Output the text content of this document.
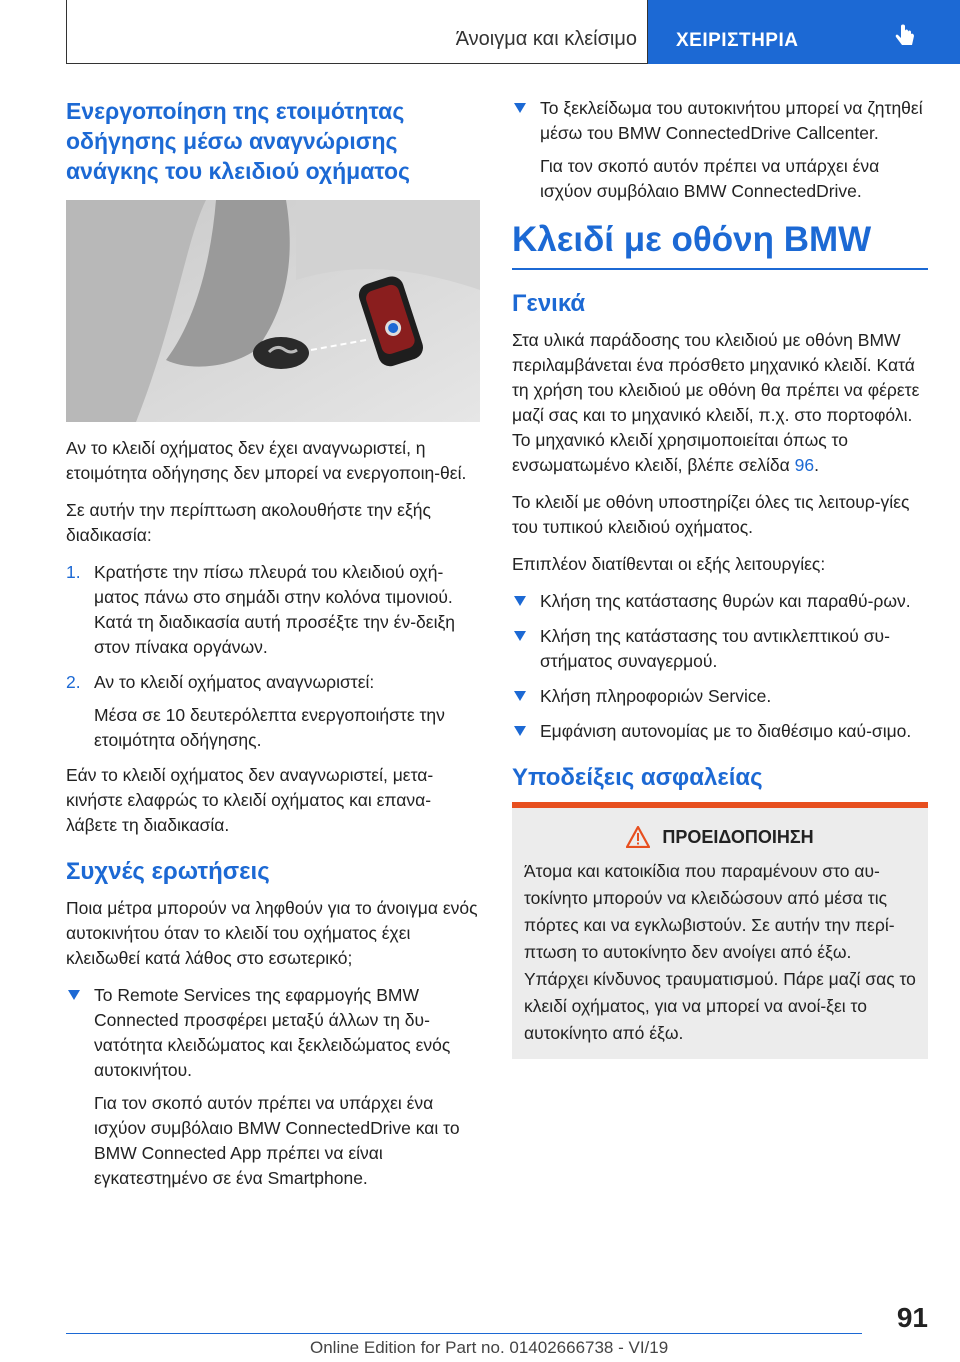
Άνοιγμα και κλείσιμο ΧΕΙΡΙΣΤΗΡΙΑ
Ενεργοποίηση της ετοιμότητας οδήγησης μέσω αναγνώρισης ανάγκης του κλειδιού οχήματος

Αν το κλειδί οχήματος δεν έχει αναγνωριστεί, η ετοιμότητα οδήγησης δεν μπορεί να ενεργοποιη-θεί.

Σε αυτήν την περίπτωση ακολουθήστε την εξής διαδικασία:

1. Κρατήστε την πίσω πλευρά του κλειδιού οχή-ματος πάνω στο σημάδι στην κολόνα τιμονιού. Κατά τη διαδικασία αυτή προσέξτε την έν-δειξη στον πίνακα οργάνων.

2. Αν το κλειδί οχήματος αναγνωριστεί:

Μέσα σε 10 δευτερόλεπτα ενεργοποιήστε την ετοιμότητα οδήγησης.

Εάν το κλειδί οχήματος δεν αναγνωριστεί, μετα-κινήστε ελαφρώς το κλειδί οχήματος και επανα-λάβετε τη διαδικασία.

Συχνές ερωτήσεις

Ποια μέτρα μπορούν να ληφθούν για το άνοιγμα ενός αυτοκινήτου όταν το κλειδί του οχήματος έχει κλειδωθεί κατά λάθος στο εσωτερικό;

Το Remote Services της εφαρμογής BMW Connected προσφέρει μεταξύ άλλων τη δυ-νατότητα κλειδώματος και ξεκλειδώματος ενός αυτοκινήτου.

Για τον σκοπό αυτόν πρέπει να υπάρχει ένα ισχύον συμβόλαιο BMW ConnectedDrive και το BMW Connected App πρέπει να είναι εγκατεστημένο σε ένα Smartphone.

Το ξεκλείδωμα του αυτοκινήτου μπορεί να ζητηθεί μέσω του BMW ConnectedDrive Callcenter.

Για τον σκοπό αυτόν πρέπει να υπάρχει ένα ισχύον συμβόλαιο BMW ConnectedDrive.

Κλειδί με οθόνη BMW
Γενικά

Στα υλικά παράδοσης του κλειδιού με οθόνη BMW περιλαμβάνεται ένα πρόσθετο μηχανικό κλειδί. Κατά τη χρήση του κλειδιού με οθόνη θα πρέπει να φέρετε μαζί σας και το μηχανικό κλειδί, π.χ. στο πορτοφόλι. Το μηχανικό κλειδί χρησιμοποιείται όπως το ενσωματωμένο κλειδί, βλέπε σελίδα 96.

Το κλειδί με οθόνη υποστηρίζει όλες τις λειτουρ-γίες του τυπικού κλειδιού οχήματος.

Επιπλέον διατίθενται οι εξής λειτουργίες:

Κλήση της κατάστασης θυρών και παραθύ-ρων.

Κλήση της κατάστασης του αντικλεπτικού συ-στήματος συναγερμού.

Κλήση πληροφοριών Service.

Εμφάνιση αυτονομίας με το διαθέσιμο καύ-σιμο.

Υποδείξεις ασφαλείας
ΠΡΟΕΙΔΟΠΟΙΗΣΗ

Άτομα και κατοικίδια που παραμένουν στο αυ-τοκίνητο μπορούν να κλειδώσουν από μέσα τις πόρτες και να εγκλωβιστούν. Σε αυτήν την περί-πτωση το αυτοκίνητο δεν ανοίγει από έξω. Υπάρχει κίνδυνος τραυματισμού. Πάρε μαζί σας το κλειδί οχήματος, για να μπορεί να ανοί-ξει το αυτοκίνητο από έξω.

91
Online Edition for Part no. 01402666738 - VI/19
